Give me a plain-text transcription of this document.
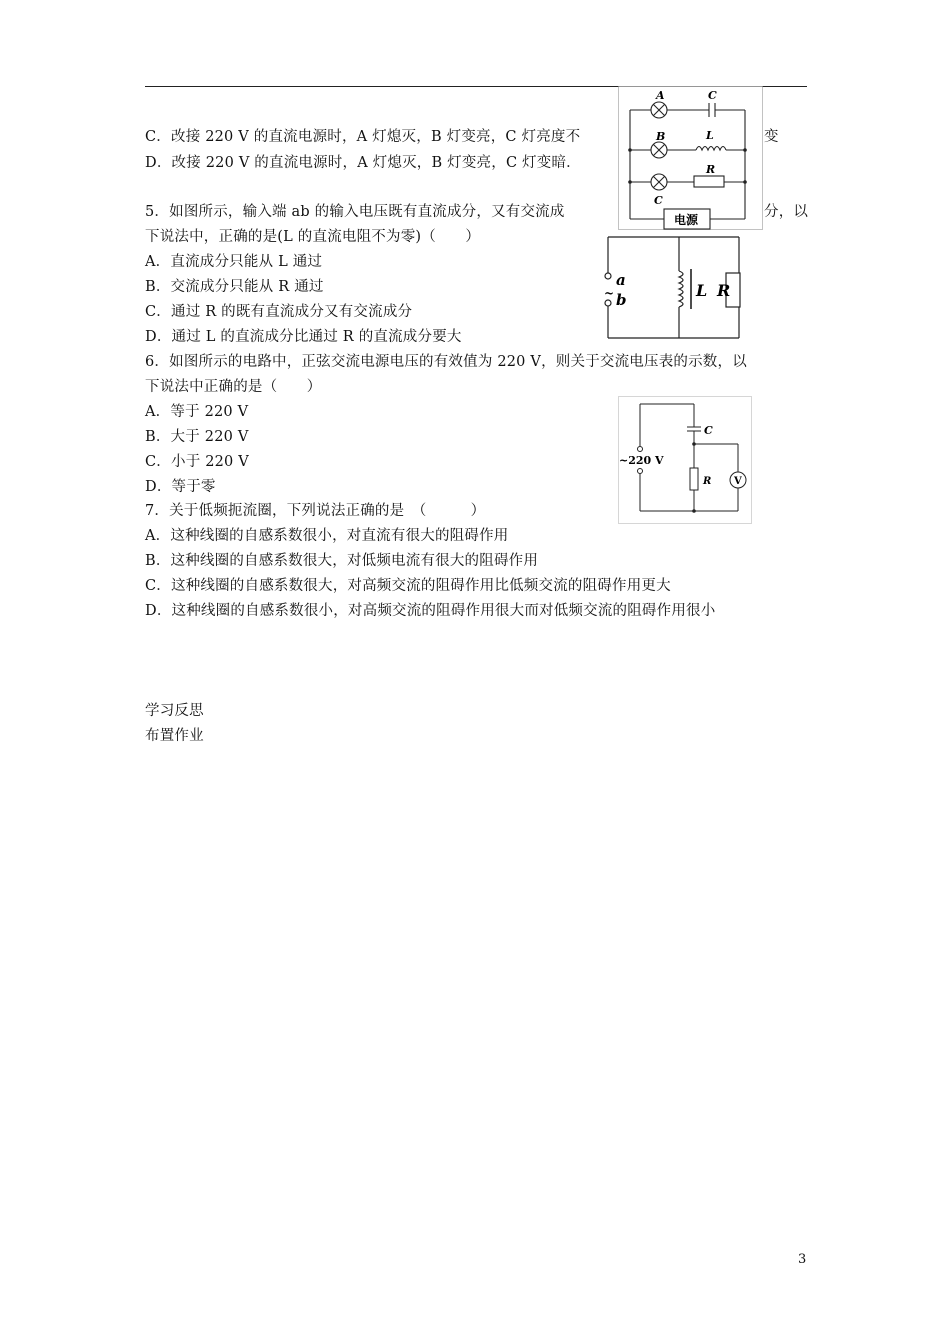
C．改接 220 V 的直流电源时，A 灯熄灭，B 灯变亮，C 灯亮度不	变
D．改接 220 V 的直流电源时，A 灯熄灭，B 灯变亮，C 灯变暗．
5．如图所示，输入端 ab 的输入电压既有直流成分，又有交流成	分，以
下说法中，正确的是(L 的直流电阻不为零)（　　）
A．直流成分只能从 L 通过
B．交流成分只能从 R 通过
C．通过 R 的既有直流成分又有交流成分
D．通过 L 的直流成分比通过 R 的直流成分要大
6．如图所示的电路中，正弦交流电源电压的有效值为 220 V，则关于交流电压表的示数，以
下说法中正确的是（　　）
A．等于 220 V
B．大于 220 V
C．小于 220 V
D．等于零
7．关于低频扼流圈，下列说法正确的是　（　　　）
A．这种线圈的自感系数很小，对直流有很大的阻碍作用
B．这种线圈的自感系数很大，对低频电流有很大的阻碍作用
C．这种线圈的自感系数很大，对高频交流的阻碍作用比低频交流的阻碍作用更大
D．这种线圈的自感系数很小，对高频交流的阻碍作用很大而对低频交流的阻碍作用很小
学习反思
布置作业
3
A	C
B	L
R
C
电源
a
~ b	L R
~220 V
C
R V
